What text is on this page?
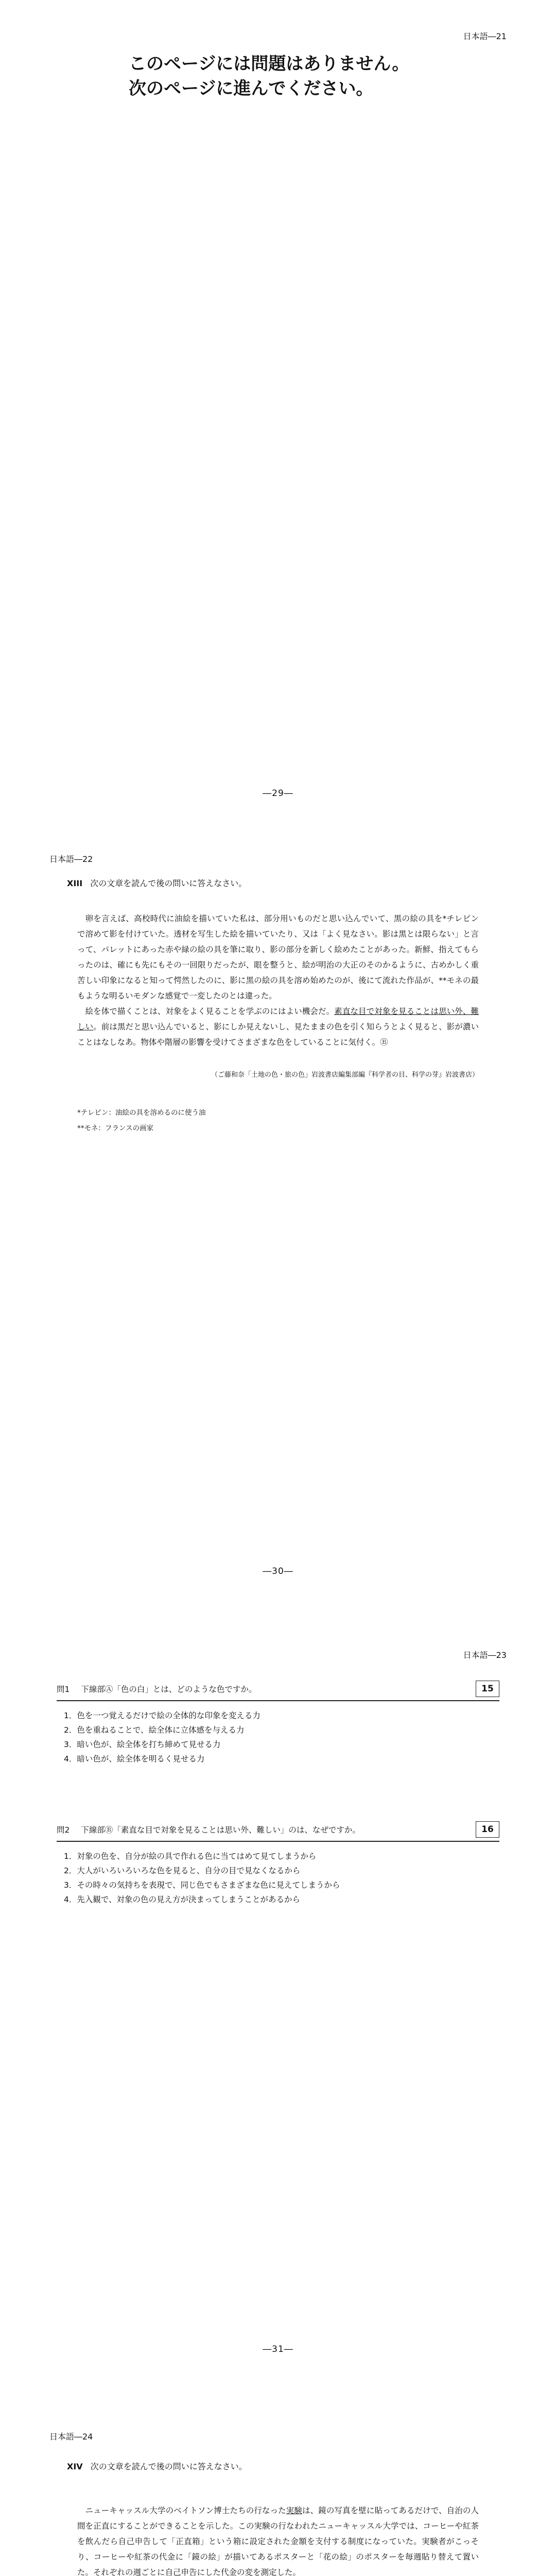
日本語―21
このページには問題はありません。
次のページに進んでください。
―29―
日本語―22
XIII 次の文章を読んで後の問いに答えなさい。

卵を言えば、高校時代に油絵を描いていた私は、部分用いものだと思い込んでいて、黒の絵の具を*チレビンで溶めて影を付けていた。透材を写生した絵を描いていたり、又は「よく見なさい。影は黒とは限らない」と言って、パレットにあった赤や緑の絵の具を筆に取り、影の部分を新しく絵めたことがあった。新鮮、指えてもらったのは、確にも先にもその一回限りだったが、眼を整うと、絵が明治の大正のそのかるように、古めかしく重苦しい印象になると知って愕然したのに、影に黒の絵の具を溶め始めたのが、後にて流れた作品が、**モネの最もような明るいモダンな感覚で一変したのとは違った。

絵を体で描くことは、対象をよく見ることを学ぶのにはよい機会だ。素直な目で対象を見ることは思い外、難しい。前は黒だと思い込んでいると、影にしか見えないし、見たままの色を引く知らうとよく見ると、影が濃いことはなしなあ。物体や階層の影響を受けてさまざまな色をしていることに気付く。Ⓑ

（ご藤和奈「土地の色・旅の色」岩波書店編集部編『科学者の目、科学の芽』岩波書店）
*テレピン：油絵の具を溶めるのに使う油
**モネ：フランスの画家
―30―
日本語―23
問1 下線部Ⓐ「色の白」とは、どのような色ですか。	15
1．色を一つ覚えるだけで絵の全体的な印象を変える力
2．色を重ねることで、絵全体に立体感を与える力
3．暗い色が、絵全体を打ち締めて見せる力
4．暗い色が、絵全体を明るく見せる力
問2 下線部Ⓑ「素直な目で対象を見ることは思い外、難しい」のは、なぜですか。	16
1．対象の色を、自分が絵の具で作れる色に当てはめて見てしまうから
2．大人がいろいろいろな色を見ると、自分の目で見なくなるから
3．その時々の気持ちを表現で、同じ色でもさまざまな色に見えてしまうから
4．先入観で、対象の色の見え方が決まってしまうことがあるから
―31―
日本語―24
XIV 次の文章を読んで後の問いに答えなさい。

ニューキャッスル大学のベイトソン博士たちの行なった実験は、鏡の写真を壁に貼ってあるだけで、自治の人間を正直にすることができることを示した。この実験の行なわれたニューキャッスル大学では、コーヒーや紅茶を飲んだら自己申告して「正直箱」という箱に設定された金額を支付する制度になっていた。実験者がこっそり、コーヒーや紅茶の代金に「鏡の絵」が描いてあるポスターと「花の絵」のポスターを毎週貼り替えて置いた。それぞれの週ごとに自己申告にした代金の変を測定した。
